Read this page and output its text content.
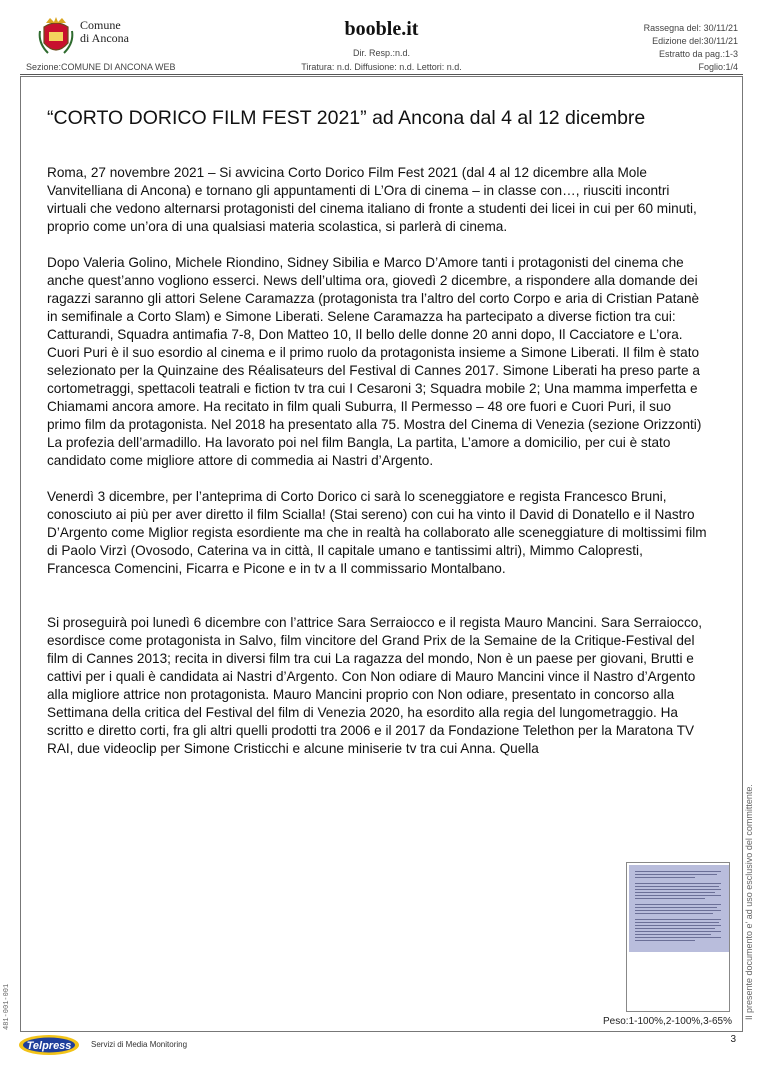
Comune
di Ancona
Sezione:COMUNE DI ANCONA WEB
booble.it
Dir. Resp.:n.d.
Tiratura: n.d. Diffusione: n.d. Lettori: n.d.
Rassegna del: 30/11/21
Edizione del:30/11/21
Estratto da pag.:1-3
Foglio:1/4
“CORTO DORICO FILM FEST 2021” ad Ancona dal 4 al 12 dicembre

Roma, 27 novembre 2021 – Si avvicina Corto Dorico Film Fest 2021 (dal 4 al 12 dicembre alla Mole Vanvitelliana di Ancona) e tornano gli appuntamenti di L’Ora di cinema – in classe con…, riusciti incontri virtuali che vedono alternarsi protagonisti del cinema italiano di fronte a studenti dei licei in cui per 60 minuti, proprio come un’ora di una qualsiasi materia scolastica, si parlerà di cinema.

Dopo Valeria Golino, Michele Riondino, Sidney Sibilia e Marco D’Amore tanti i protagonisti del cinema che anche quest’anno vogliono esserci. News dell’ultima ora, giovedì 2 dicembre, a rispondere alla domande dei ragazzi saranno gli attori Selene Caramazza (protagonista tra l’altro del corto Corpo e aria di Cristian Patanè in semifinale a Corto Slam) e Simone Liberati. Selene Caramazza ha partecipato a diverse fiction tra cui: Catturandi, Squadra antimafia 7-8, Don Matteo 10, Il bello delle donne 20 anni dopo, Il Cacciatore e L’ora. Cuori Puri è il suo esordio al cinema e il primo ruolo da protagonista insieme a Simone Liberati. Il film è stato selezionato per la Quinzaine des Réalisateurs del Festival di Cannes 2017. Simone Liberati ha preso parte a cortometraggi, spettacoli teatrali e fiction tv tra cui I Cesaroni 3; Squadra mobile 2; Una mamma imperfetta e Chiamami ancora amore. Ha recitato in film quali Suburra, Il Permesso – 48 ore fuori e Cuori Puri, il suo primo film da protagonista. Nel 2018 ha presentato alla 75. Mostra del Cinema di Venezia (sezione Orizzonti) La profezia dell’armadillo. Ha lavorato poi nel film Bangla, La partita, L’amore a domicilio, per cui è stato candidato come migliore attore di commedia ai Nastri d’Argento.

Venerdì 3 dicembre, per l’anteprima di Corto Dorico ci sarà lo sceneggiatore e regista Francesco Bruni, conosciuto ai più per aver diretto il film Scialla! (Stai sereno) con cui ha vinto il David di Donatello e il Nastro D’Argento come Miglior regista esordiente ma che in realtà ha collaborato alle sceneggiature di moltissimi film di Paolo Virzì (Ovosodo, Caterina va in città, Il capitale umano e tantissimi altri), Mimmo Calopresti, Francesca Comencini, Ficarra e Picone e in tv a Il commissario Montalbano.

Si proseguirà poi lunedì 6 dicembre con l’attrice Sara Serraiocco e il regista Mauro Mancini. Sara Serraiocco, esordisce come protagonista in Salvo, film vincitore del Grand Prix de la Semaine de la Critique-Festival del film di Cannes 2013; recita in diversi film tra cui La ragazza del mondo, Non è un paese per giovani, Brutti e cattivi per i quali è candidata ai Nastri d’Argento. Con Non odiare di Mauro Mancini vince il Nastro d’Argento alla migliore attrice non protagonista. Mauro Mancini proprio con Non odiare, presentato in concorso alla Settimana della critica del Festival del film di Venezia 2020, ha esordito alla regia del lungometraggio. Ha scritto e diretto corti, fra gli altri quelli prodotti tra 2006 e il 2017 da Fondazione Telethon per la Maratona TV RAI, due videoclip per Simone Cristicchi e alcune miniserie tv tra cui Anna. Quella

Il presente documento e' ad uso esclusivo del committente.
481-001-001	Peso:1-100%,2-100%,3-65%
3
Telpress Servizi di Media Monitoring
